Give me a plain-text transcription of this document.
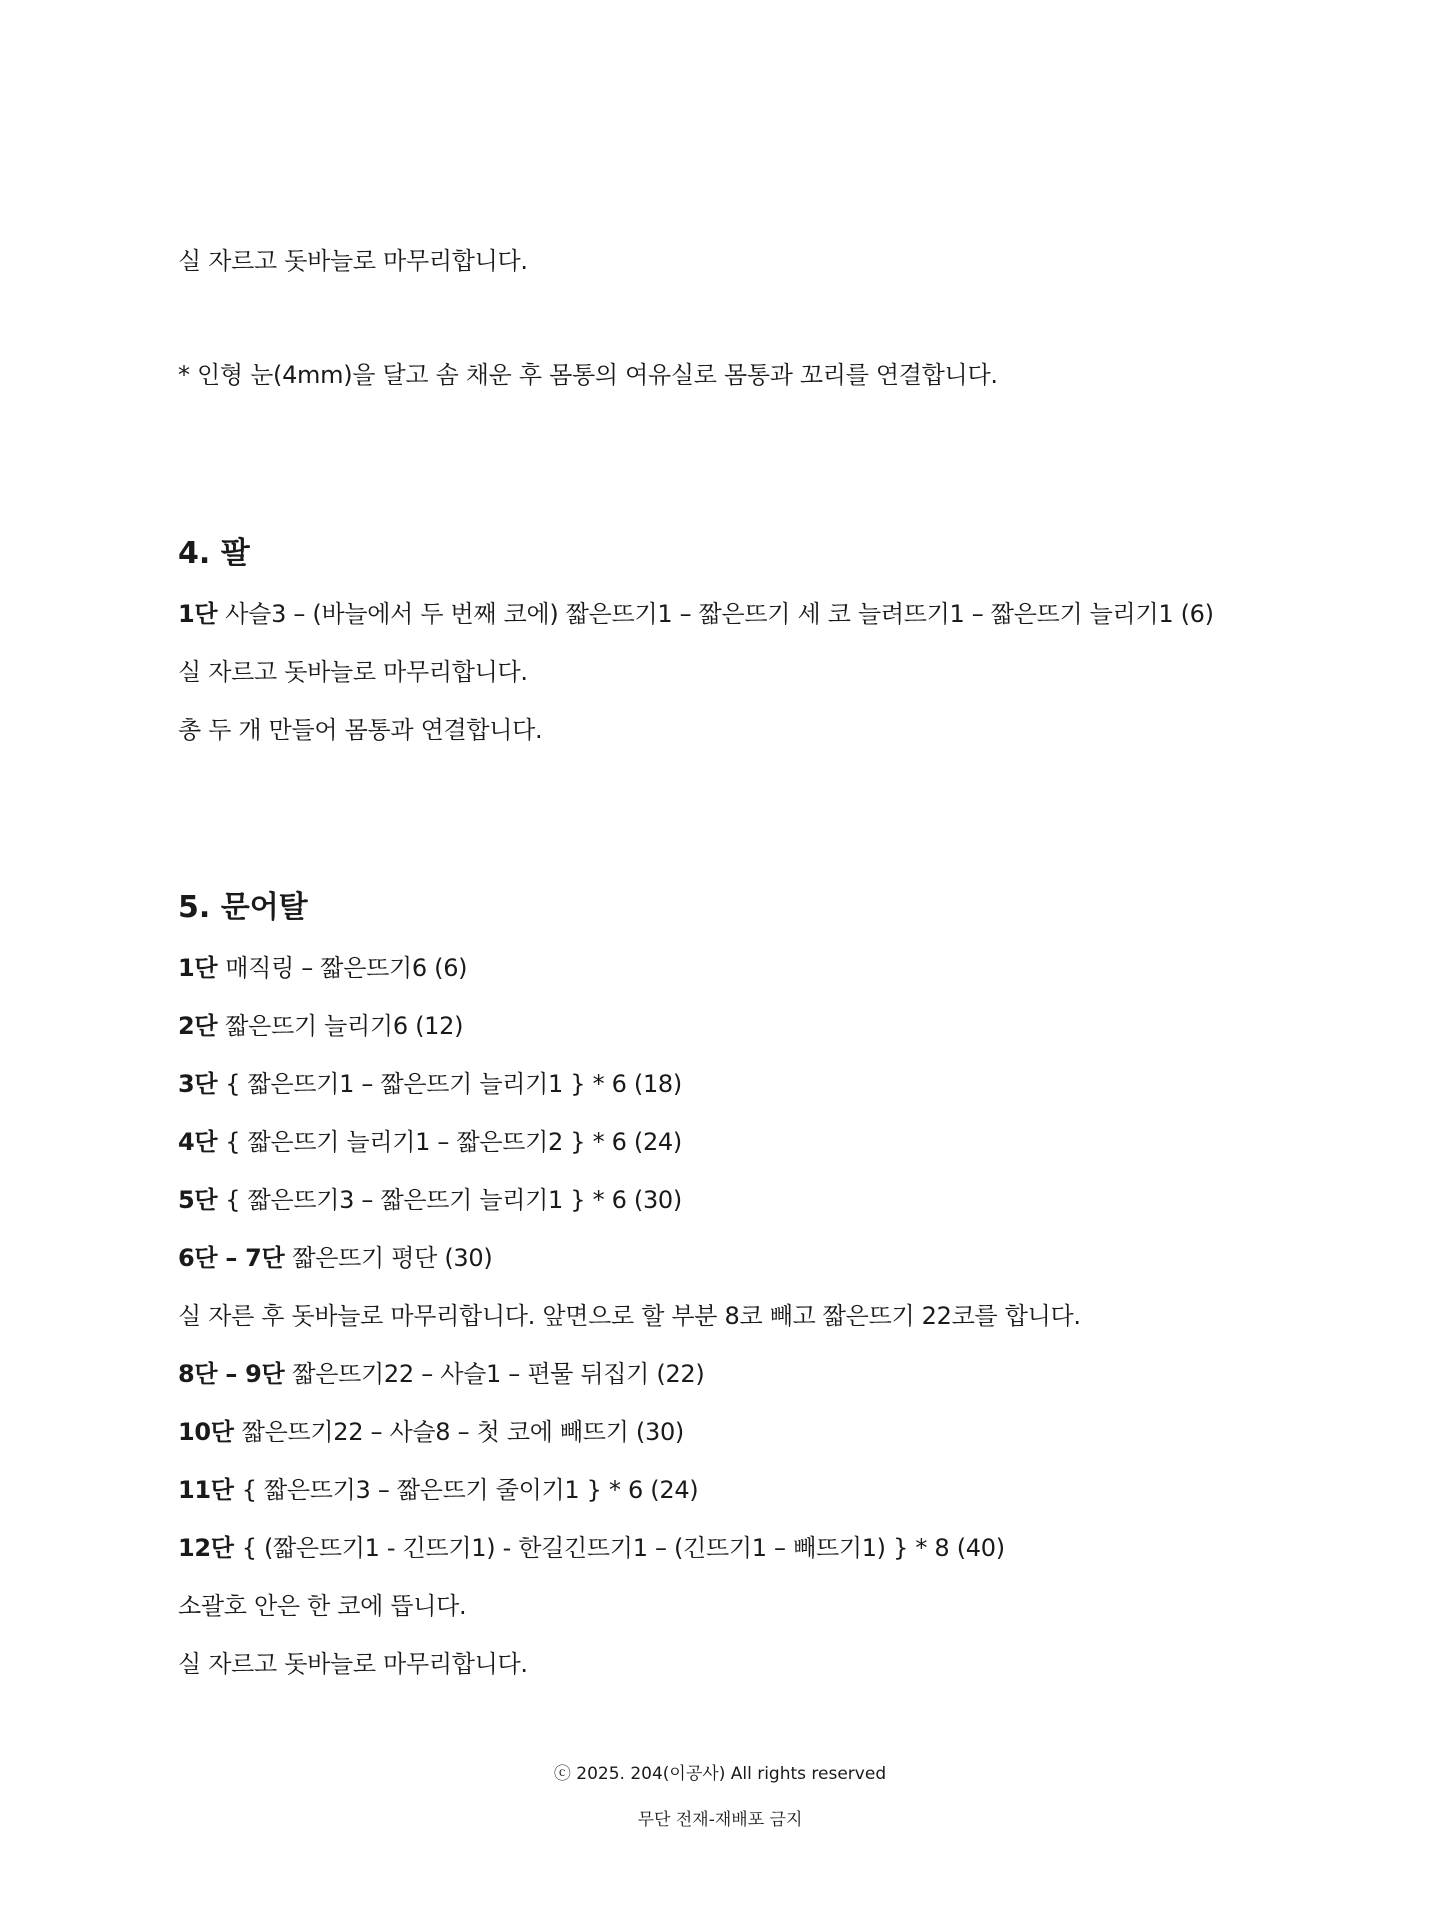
실 자르고 돗바늘로 마무리합니다.
* 인형 눈(4mm)을 달고 솜 채운 후 몸통의 여유실로 몸통과 꼬리를 연결합니다.
4. 팔
1단 사슬3 – (바늘에서 두 번째 코에) 짧은뜨기1 – 짧은뜨기 세 코 늘려뜨기1 – 짧은뜨기 늘리기1 (6)
실 자르고 돗바늘로 마무리합니다.
총 두 개 만들어 몸통과 연결합니다.
5. 문어탈
1단 매직링 – 짧은뜨기6 (6)
2단 짧은뜨기 늘리기6 (12)
3단 { 짧은뜨기1 – 짧은뜨기 늘리기1 } * 6 (18)
4단 { 짧은뜨기 늘리기1 – 짧은뜨기2 } * 6 (24)
5단 { 짧은뜨기3 – 짧은뜨기 늘리기1 } * 6 (30)
6단 – 7단 짧은뜨기 평단 (30)
실 자른 후 돗바늘로 마무리합니다. 앞면으로 할 부분 8코 빼고 짧은뜨기 22코를 합니다.
8단 – 9단 짧은뜨기22 – 사슬1 – 편물 뒤집기 (22)
10단 짧은뜨기22 – 사슬8 – 첫 코에 빼뜨기 (30)
11단 { 짧은뜨기3 – 짧은뜨기 줄이기1 } * 6 (24)
12단 { (짧은뜨기1 - 긴뜨기1) - 한길긴뜨기1 – (긴뜨기1 – 빼뜨기1) } * 8 (40)
소괄호 안은 한 코에 뜹니다.
실 자르고 돗바늘로 마무리합니다.
ⓒ 2025. 204(이공사) All rights reserved
무단 전재-재배포 금지
